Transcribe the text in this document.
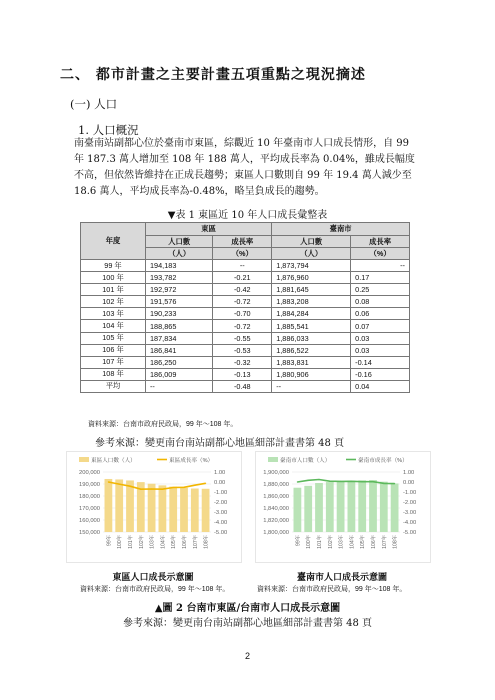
二、 都市計畫之主要計畫五項重點之現況摘述
(一) 人口
1. 人口概況

南臺南站副都心位於臺南市東區，綜觀近 10 年臺南市人口成長情形，自 99

年 187.3 萬人增加至 108 年 188 萬人，平均成長率為 0.04%，雖成長幅度

不高，但依然皆維持在正成長趨勢；東區人口數則自 99 年 19.4 萬人減少至

18.6 萬人，平均成長率為-0.48%，略呈負成長的趨勢。

▼表 1 東區近 10 年人口成長彙整表
年度	東區		臺南市	
	人口數	成長率	人口數	成長率
	（人）	（%）	（人）	（%）
99 年	194,183	--	1,873,794	--
100 年	193,782	-0.21	1,876,960	0.17
101 年	192,972	-0.42	1,881,645	0.25
102 年	191,576	-0.72	1,883,208	0.08
103 年	190,233	-0.70	1,884,284	0.06
104 年	188,865	-0.72	1,885,541	0.07
105 年	187,834	-0.55	1,886,033	0.03
106 年	186,841	-0.53	1,886,522	0.03
107 年	186,250	-0.32	1,883,831	-0.14
108 年	186,009	-0.13	1,880,906	-0.16
平均	--	-0.48	--	0.04
資料來源：台南市政府民政局，99 年～108 年。
參考來源：變更南台南站副都心地區細部計畫書第 48 頁
東區人口數（人）	東區成長率（%）
200,000
190,000
180,000
170,000
160,000
150,000
1.00
0.00
-1.00
-2.00
-3.00
-4.00
-5.00
99年 100年 101年 102年 103年 104年 105年 106年 107年 108年
臺南市人口數（人）	臺南市成長率（%）
1,900,000
1,880,000
1,860,000
1,840,000
1,820,000
1,800,000
1.00
0.00
-1.00
-2.00
-3.00
-4.00
-5.00
99年 100年 101年 102年 103年 104年 105年 106年 107年 108年
東區人口成長示意圖	臺南市人口成長示意圖
資料來源：台南市政府民政局，99 年～108 年。	資料來源：台南市政府民政局，99 年～108 年。
▲圖 2 台南市東區/台南市人口成長示意圖
參考來源：變更南台南站副都心地區細部計畫書第 48 頁
2
